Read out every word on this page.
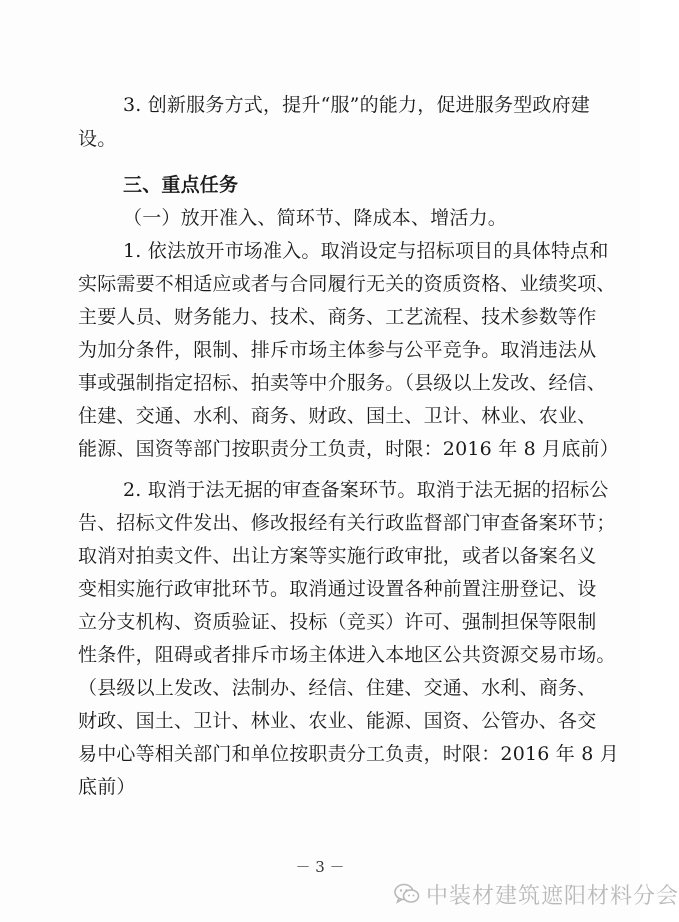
3. 创新服务方式，提升“服”的能力，促进服务型政府建
设。
三、重点任务
（一）放开准入、简环节、降成本、增活力。
1. 依法放开市场准入。取消设定与招标项目的具体特点和
实际需要不相适应或者与合同履行无关的资质资格、业绩奖项、
主要人员、财务能力、技术、商务、工艺流程、技术参数等作
为加分条件，限制、排斥市场主体参与公平竞争。取消违法从
事或强制指定招标、拍卖等中介服务。（县级以上发改、经信、
住建、交通、水利、商务、财政、国土、卫计、林业、农业、
能源、国资等部门按职责分工负责，时限：2016 年 8 月底前）
2. 取消于法无据的审查备案环节。取消于法无据的招标公
告、招标文件发出、修改报经有关行政监督部门审查备案环节；
取消对拍卖文件、出让方案等实施行政审批，或者以备案名义
变相实施行政审批环节。取消通过设置各种前置注册登记、设
立分支机构、资质验证、投标（竞买）许可、强制担保等限制
性条件，阻碍或者排斥市场主体进入本地区公共资源交易市场。
（县级以上发改、法制办、经信、住建、交通、水利、商务、
财政、国土、卫计、林业、农业、能源、国资、公管办、各交
易中心等相关部门和单位按职责分工负责，时限：2016 年 8 月
底前）
－ 3 －
中装材建筑遮阳材料分会
